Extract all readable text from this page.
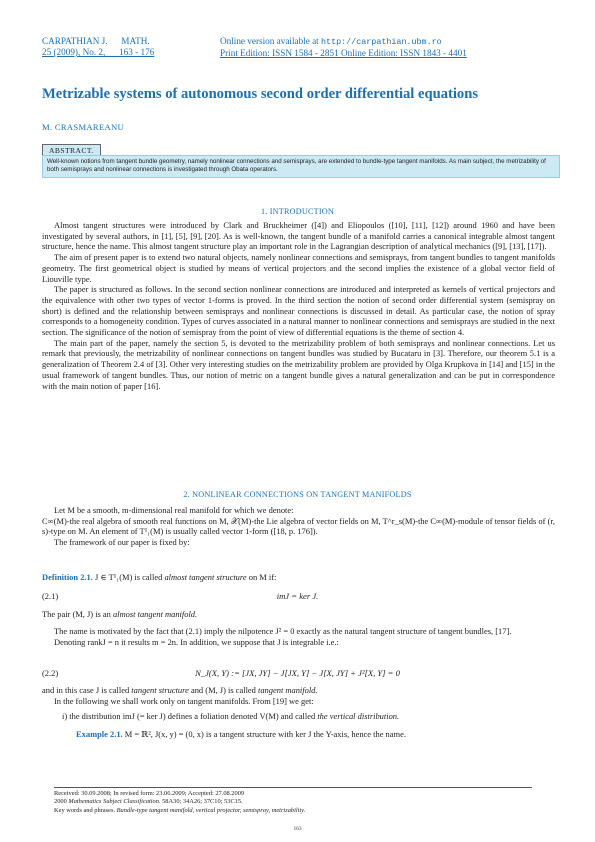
CARPATHIAN J.      MATH.
25 (2009), No. 2,      163 - 176
Online version available at http://carpathian.ubm.ro
Print Edition: ISSN 1584 - 2851 Online Edition: ISSN 1843 - 4401
Metrizable systems of autonomous second order differential equations
M. CRASMAREANU
ABSTRACT.
Well-known notions from tangent bundle geometry, namely nonlinear connections and semisprays, are extended to bundle-type tangent manifolds. As main subject, the metrizability of both semisprays and nonlinear connections is investigated through Obata operators.
1. INTRODUCTION

Almost tangent structures were introduced by Clark and Bruckheimer ([4]) and Eliopoulos ([10], [11], [12]) around 1960 and have been investigated by several authors, in [1], [5], [9], [20]. As is well-known, the tangent bundle of a manifold carries a canonical integrable almost tangent structure, hence the name. This almost tangent structure play an important role in the Lagrangian description of analytical mechanics ([9], [13], [17]).

The aim of present paper is to extend two natural objects, namely nonlinear connections and semisprays, from tangent bundles to tangent manifolds geometry. The first geometrical object is studied by means of vertical projectors and the second implies the existence of a global vector field of Liouville type.

The paper is structured as follows. In the second section nonlinear connections are introduced and interpreted as kernels of vertical projectors and the equivalence with other two types of vector 1-forms is proved. In the third section the notion of second order differential system (semispray on short) is defined and the relationship between semisprays and nonlinear connections is discussed in detail. As particular case, the notion of spray corresponds to a homogeneity condition. Types of curves associated in a natural manner to nonlinear connections and semisprays are studied in the next section. The significance of the notion of semispray from the point of view of differential equations is the theme of section 4.

The main part of the paper, namely the section 5, is devoted to the metrizability problem of both semisprays and nonlinear connections. Let us remark that previously, the metrizability of nonlinear connections on tangent bundles was studied by Bucataru in [3]. Therefore, our theorem 5.1 is a generalization of Theorem 2.4 of [3]. Other very interesting studies on the metrizability problem are provided by Olga Krupkova in [14] and [15] in the usual framework of tangent bundles. Thus, our notion of metric on a tangent bundle gives a natural generalization and can be put in correspondence with the main notion of paper [16].

2. NONLINEAR CONNECTIONS ON TANGENT MANIFOLDS

Let M be a smooth, m-dimensional real manifold for which we denote:

C∞(M)-the real algebra of smooth real functions on M, 𝒳(M)-the Lie algebra of vector fields on M, T^r_s(M)-the C∞(M)-module of tensor fields of (r, s)-type on M. An element of T¹₁(M) is usually called vector 1-form ([18, p. 176]).

The framework of our paper is fixed by:

Definition 2.1. J ∈ T¹₁(M) is called almost tangent structure on M if:
(2.1)	imJ = ker J.
The pair (M, J) is an almost tangent manifold.

The name is motivated by the fact that (2.1) imply the nilpotence J² = 0 exactly as the natural tangent structure of tangent bundles, [17].

Denoting rankJ = n it results m = 2n. In addition, we suppose that J is integrable i.e.:

(2.2)	N_J(X, Y) := [JX, JY] − J[JX, Y] − J[X, JY] + J²[X, Y] = 0
and in this case J is called tangent structure and (M, J) is called tangent manifold.
In the following we shall work only on tangent manifolds. From [19] we get:
i) the distribution imJ (= ker J) defines a foliation denoted V(M) and called the vertical distribution.
Example 2.1. M = ℝ², J(x, y) = (0, x) is a tangent structure with ker J the Y-axis, hence the name.
Received: 30.09.2008; In revised form: 23.06.2009; Accepted: 27.08.2009
2000 Mathematics Subject Classification. 58A30; 34A26; 37C10; 53C15.
Key words and phrases. Bundle-type tangent manifold, vertical projector, semispray, metrizability.
163
